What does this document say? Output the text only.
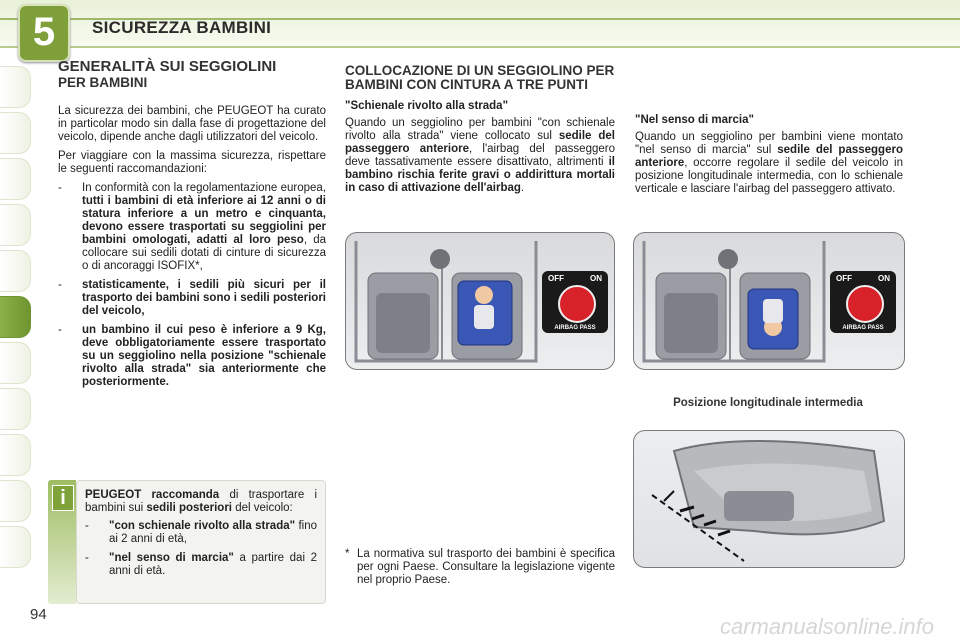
5	SICUREZZA BAMBINI
GENERALITÀ SUI SEGGIOLINI
PER BAMBINI

La sicurezza dei bambini, che PEUGEOT ha curato in particolar modo sin dalla fase di progettazione del veicolo, dipende anche dagli utilizzatori del veicolo.

Per viaggiare con la massima sicurezza, rispettare le seguenti raccomandazioni:

-	In conformità con la regolamentazione europea, tutti i bambini di età inferiore ai 12 anni o di statura inferiore a un metro e cinquanta, devono essere trasportati su seggiolini per bambini omologati, adatti al loro peso, da collocare sui sedili dotati di cinture di sicurezza o di ancoraggi ISOFIX*,
-	statisticamente, i sedili più sicuri per il trasporto dei bambini sono i sedili posteriori del veicolo,
-	un bambino il cui peso è inferiore a 9 Kg, deve obbligatoriamente essere trasportato su un seggiolino nella posizione "schienale rivolto alla strada" sia anteriormente che posteriormente.
i	PEUGEOT raccomanda di trasportare i bambini sui sedili posteriori del veicolo:

-	"con schienale rivolto alla strada" fino ai 2 anni di età,
-	"nel senso di marcia" a partire dai 2 anni di età.
COLLOCAZIONE DI UN SEGGIOLINO PER BAMBINI CON CINTURA A TRE PUNTI
"Schienale rivolto alla strada"

Quando un seggiolino per bambini "con schienale rivolto alla strada" viene collocato sul sedile del passeggero anteriore, l'airbag del passeggero deve tassativamente essere disattivato, altrimenti il bambino rischia ferite gravi o addirittura mortali in caso di attivazione dell'airbag.

"Nel senso di marcia"

Quando un seggiolino per bambini viene montato "nel senso di marcia" sul sedile del passeggero anteriore, occorre regolare il sedile del veicolo in posizione longitudinale intermedia, con lo schienale verticale e lasciare l'airbag del passeggero attivato.

OFF	ON
AIRBAG PASS
OFF	ON
AIRBAG PASS
Posizione longitudinale intermedia
* La normativa sul trasporto dei bambini è specifica per ogni Paese. Consultare la legislazione vigente nel proprio Paese.
94	carmanualsonline.info
